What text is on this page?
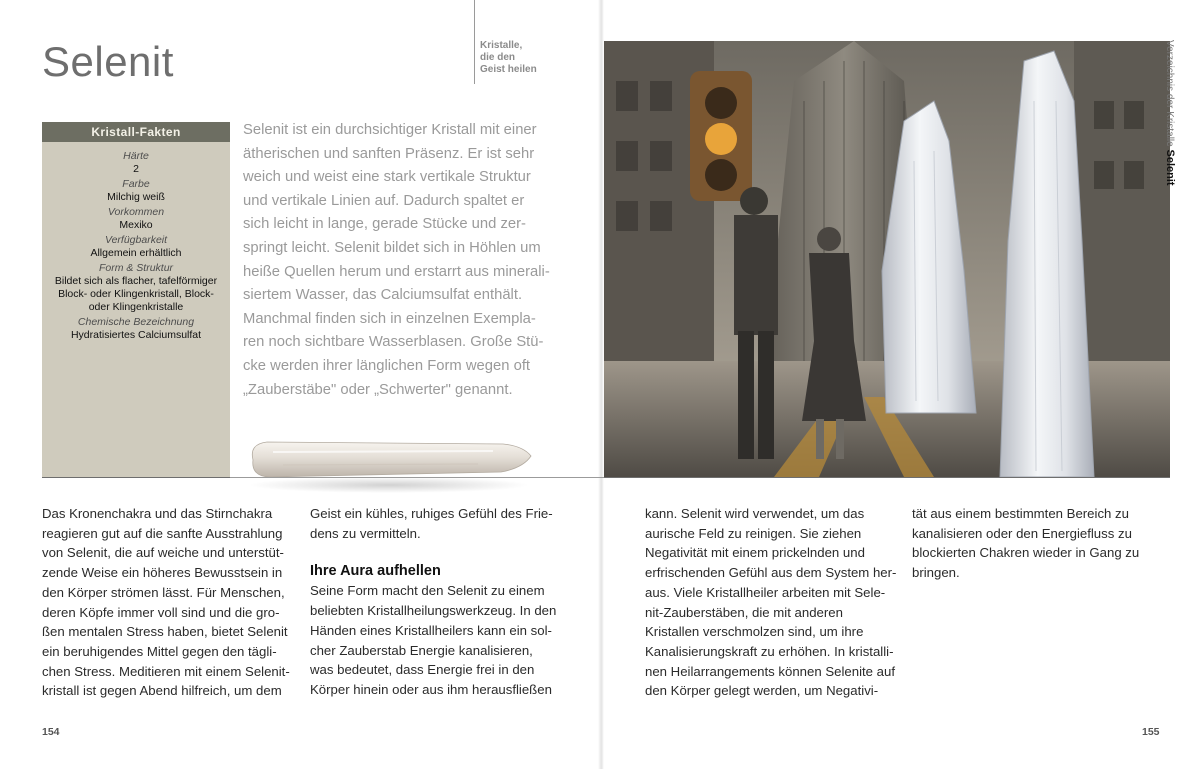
Selenit	Kristalle,
die den
Geist heilen
Kristall-Fakten
Härte
2
Farbe
Milchig weiß
Vorkommen
Mexiko
Verfügbarkeit
Allgemein erhältlich
Form & Struktur
Bildet sich als flacher, tafelförmiger
Block- oder Klingenkristall, Block-
oder Klingenkristalle
Chemische Bezeichnung
Hydratisiertes Calciumsulfat
Selenit ist ein durchsichtiger Kristall mit einer
ätherischen und sanften Präsenz. Er ist sehr
weich und weist eine stark vertikale Struktur
und vertikale Linien auf. Dadurch spaltet er
sich leicht in lange, gerade Stücke und zer-
springt leicht. Selenit bildet sich in Höhlen um
heiße Quellen herum und erstarrt aus minerali-
siertem Wasser, das Calciumsulfat enthält.
Manchmal finden sich in einzelnen Exempla-
ren noch sichtbare Wasserblasen. Große Stü-
cke werden ihrer länglichen Form wegen oft
„Zauberstäbe" oder „Schwerter" genannt.
Verzeichnis der Kristalle Selenit
Das Kronenchakra und das Stirnchakra
reagieren gut auf die sanfte Ausstrahlung
von Selenit, die auf weiche und unterstüt-
zende Weise ein höheres Bewusstsein in
den Körper strömen lässt. Für Menschen,
deren Köpfe immer voll sind und die gro-
ßen mentalen Stress haben, bietet Selenit
ein beruhigendes Mittel gegen den tägli-
chen Stress. Meditieren mit einem Selenit-
kristall ist gegen Abend hilfreich, um dem
Geist ein kühles, ruhiges Gefühl des Frie-
dens zu vermitteln.

Ihre Aura aufhellen

Seine Form macht den Selenit zu einem
beliebten Kristallheilungswerkzeug. In den
Händen eines Kristallheilers kann ein sol-
cher Zauberstab Energie kanalisieren,
was bedeutet, dass Energie frei in den
Körper hinein oder aus ihm herausfließen
kann. Selenit wird verwendet, um das
aurische Feld zu reinigen. Sie ziehen
Negativität mit einem prickelnden und
erfrischenden Gefühl aus dem System her-
aus. Viele Kristallheiler arbeiten mit Sele-
nit-Zauberstäben, die mit anderen
Kristallen verschmolzen sind, um ihre
Kanalisierungskraft zu erhöhen. In kristalli-
nen Heilarrangements können Selenite auf
den Körper gelegt werden, um Negativi-
tät aus einem bestimmten Bereich zu
kanalisieren oder den Energiefluss zu
blockierten Chakren wieder in Gang zu
bringen.
154	155
